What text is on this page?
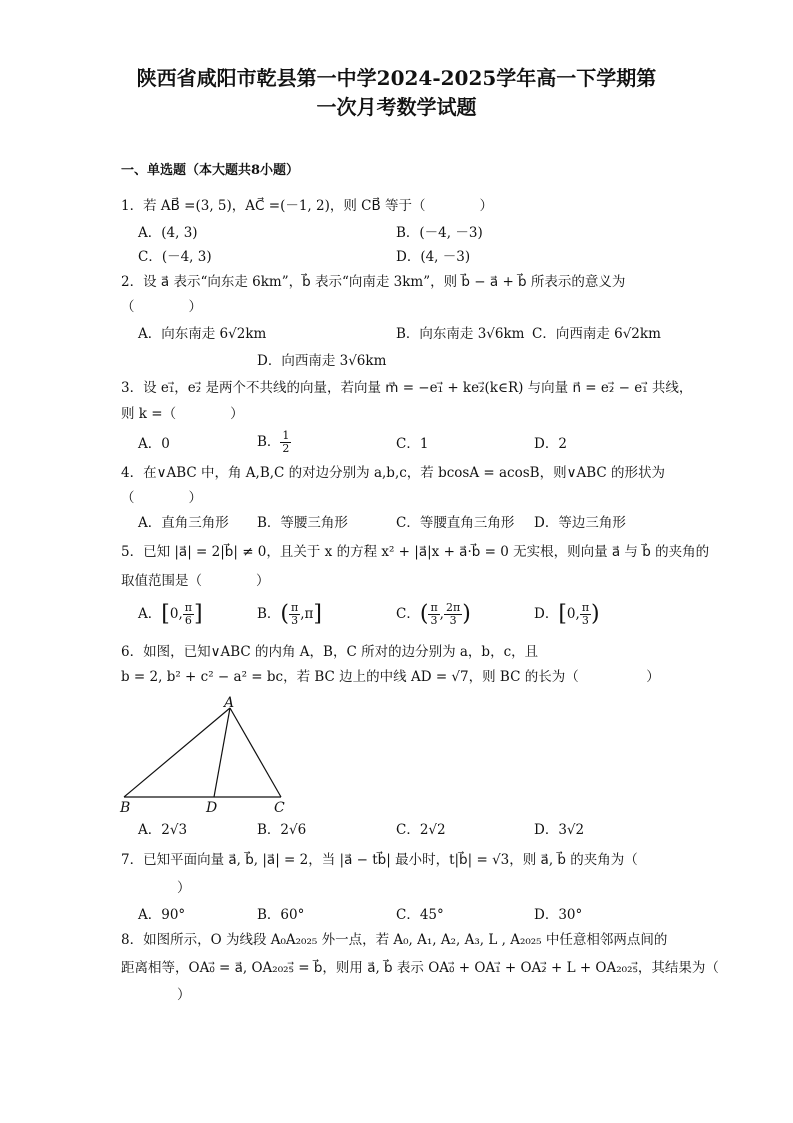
陕西省咸阳市乾县第一中学2024-2025学年高一下学期第
一次月考数学试题
一、单选题（本大题共8小题）
1．若 AB⃗ =(3, 5)，AC⃗ =(－1, 2)，则 CB⃗ 等于（　　　　）
A．(4, 3)	B．(－4, －3)
C．(－4, 3)	D．(4, －3)
2．设 a⃗ 表示“向东走 6km”，b⃗ 表示“向南走 3km”，则 b⃗ − a⃗ + b⃗ 所表示的意义为
（　　　　）
A．向东南走 6√2km	B．向东南走 3√6km C．向西南走 6√2km
D．向西南走 3√6km
3．设 e₁⃗，e₂⃗ 是两个不共线的向量，若向量 m⃗ = −e₁⃗ + ke₂⃗(k∈R) 与向量 n⃗ = e₂⃗ − e₁⃗ 共线，
则 k =（　　　　）
A．0	B． $\frac{1}{2}$	C．1	D．2
4．在∨ABC 中，角 A,B,C 的对边分别为 a,b,c，若 bcosA = acosB，则∨ABC 的形状为
（　　　　）
A．直角三角形 B．等腰三角形	C．等腰直角三角形 D．等边三角形
5．已知 |a⃗| = 2|b⃗| ≠ 0，且关于 x 的方程 x² + |a⃗|x + a⃗·b⃗ = 0 无实根，则向量 a⃗ 与 b⃗ 的夹角的
取值范围是（　　　　）
A．[0, $\frac{\pi}{6}$ ]	B．( $\frac{\pi}{3} ,\pi$]	C．( $\frac{\pi}{3}$ , $\frac{2\pi}{3}$ )	D．[0, $\frac{\pi}{3}$ )
6．如图，已知∨ABC 的内角 A，B，C 所对的边分别为 a，b，c，且
b = 2, b² + c² − a² = bc，若 BC 边上的中线 AD = √7，则 BC 的长为（　　　　　）
A
B	D	C
A．2√3	B．2√6	C．2√2	D．3√2
7．已知平面向量 a⃗, b⃗, |a⃗| = 2，当 |a⃗ − tb⃗| 最小时，t|b⃗| = √3，则 a⃗, b⃗ 的夹角为（
）
A．90°	B．60°	C．45°	D．30°
8．如图所示，O 为线段 A₀A₂₀₂₅ 外一点，若 A₀, A₁, A₂, A₃, L , A₂₀₂₅ 中任意相邻两点间的
距离相等，OA₀⃗ = a⃗, OA₂₀₂₅⃗ = b⃗，则用 a⃗, b⃗ 表示 OA₀⃗ + OA₁⃗ + OA₂⃗ + L + OA₂₀₂₅⃗，其结果为（
）
